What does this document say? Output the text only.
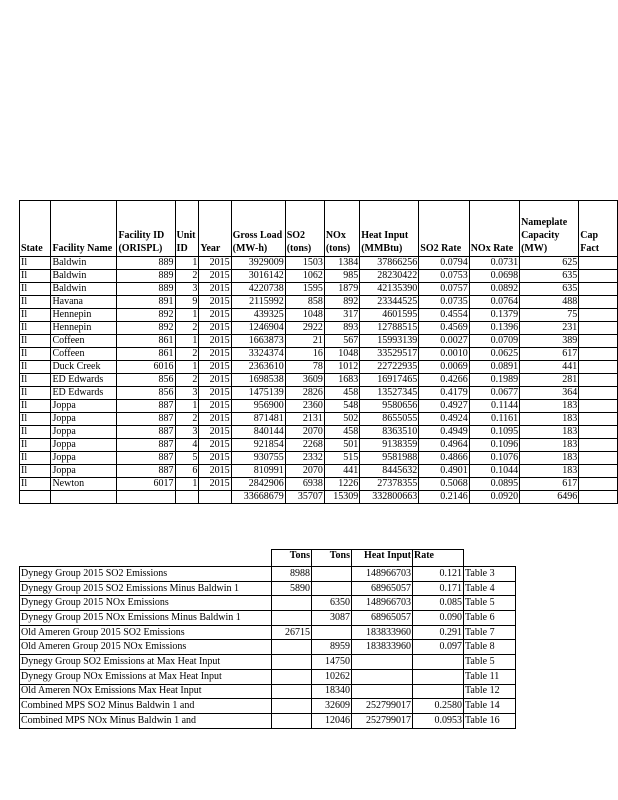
State	Facility Name	Facility ID (ORISPL)	Unit ID	Year	Gross Load (MW-h)	SO2 (tons)	NOx (tons)	Heat Input (MMBtu)	SO2 Rate	NOx Rate	Nameplate Capacity (MW)	Cap Fact
Il	Baldwin	889	1	2015	3929009	1503	1384	37866256	0.0794	0.0731	625	
Il	Baldwin	889	2	2015	3016142	1062	985	28230422	0.0753	0.0698	635	
Il	Baldwin	889	3	2015	4220738	1595	1879	42135390	0.0757	0.0892	635	
Il	Havana	891	9	2015	2115992	858	892	23344525	0.0735	0.0764	488	
Il	Hennepin	892	1	2015	439325	1048	317	4601595	0.4554	0.1379	75	
Il	Hennepin	892	2	2015	1246904	2922	893	12788515	0.4569	0.1396	231	
Il	Coffeen	861	1	2015	1663873	21	567	15993139	0.0027	0.0709	389	
Il	Coffeen	861	2	2015	3324374	16	1048	33529517	0.0010	0.0625	617	
Il	Duck Creek	6016	1	2015	2363610	78	1012	22722935	0.0069	0.0891	441	
Il	ED Edwards	856	2	2015	1698538	3609	1683	16917465	0.4266	0.1989	281	
Il	ED Edwards	856	3	2015	1475139	2826	458	13527345	0.4179	0.0677	364	
Il	Joppa	887	1	2015	956900	2360	548	9580656	0.4927	0.1144	183	
Il	Joppa	887	2	2015	871481	2131	502	8655055	0.4924	0.1161	183	
Il	Joppa	887	3	2015	840144	2070	458	8363510	0.4949	0.1095	183	
Il	Joppa	887	4	2015	921854	2268	501	9138359	0.4964	0.1096	183	
Il	Joppa	887	5	2015	930755	2332	515	9581988	0.4866	0.1076	183	
Il	Joppa	887	6	2015	810991	2070	441	8445632	0.4901	0.1044	183	
Il	Newton	6017	1	2015	2842906	6938	1226	27378355	0.5068	0.0895	617	
					33668679	35707	15309	332800663	0.2146	0.0920	6496	
	Tons	Tons	Heat Input	Rate	
Dynegy Group 2015 SO2 Emissions	8988		148966703	0.121	Table 3
Dynegy Group 2015 SO2 Emissions Minus Baldwin 1	5890		68965057	0.171	Table 4
Dynegy Group 2015 NOx Emissions		6350	148966703	0.085	Table 5
Dynegy Group 2015 NOx Emissions Minus Baldwin 1		3087	68965057	0.090	Table 6
Old Ameren Group 2015 SO2 Emissions	26715		183833960	0.291	Table 7
Old Ameren Group 2015 NOx Emissions		8959	183833960	0.097	Table 8
Dynegy Group SO2 Emissions at Max Heat Input		14750			Table 5
Dynegy Group NOx Emissions at Max Heat Input		10262			Table 11
Old Ameren NOx Emissions Max Heat Input		18340			Table 12
Combined MPS SO2 Minus Baldwin 1 and		32609	252799017	0.2580	Table 14
Combined MPS NOx Minus Baldwin 1 and		12046	252799017	0.0953	Table 16
